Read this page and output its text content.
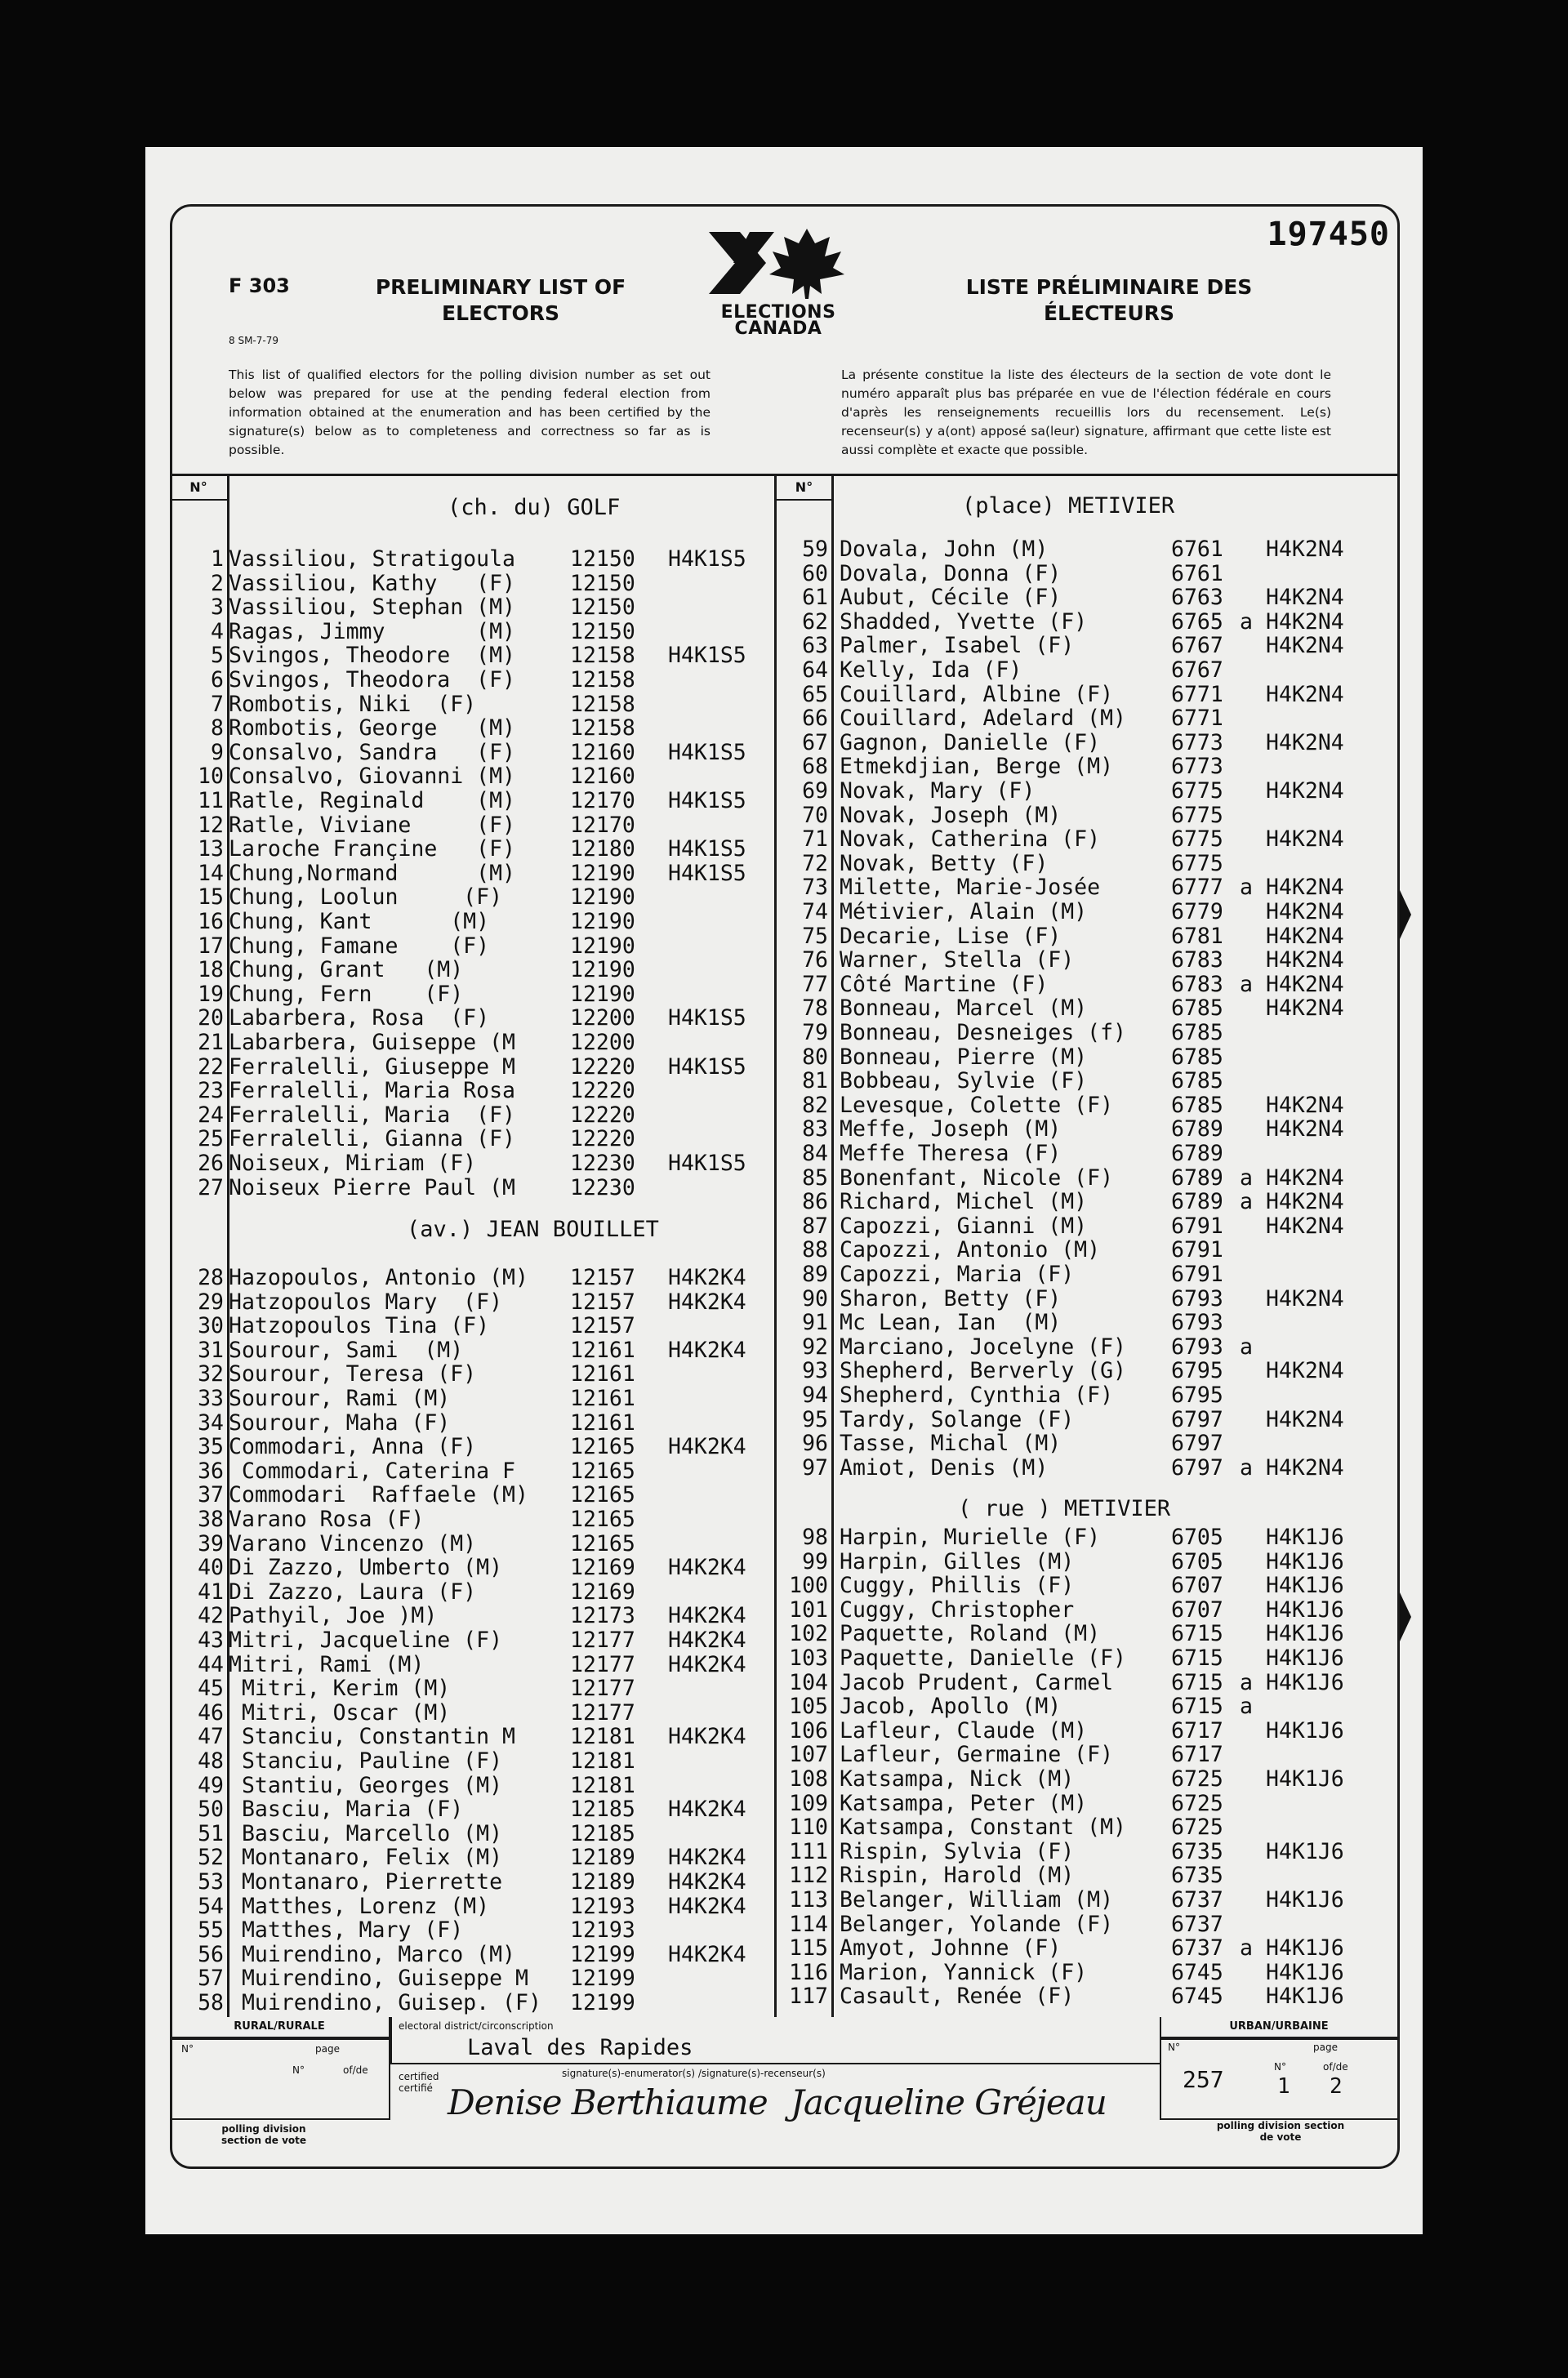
197450
F 303
8 SM-7-79
PRELIMINARY LIST OF
ELECTORS	ELECTIONS
CANADA
LISTE PRÉLIMINAIRE DES
ÉLECTEURS
This list of qualified electors for the polling division number as set out below was prepared for use at the pending federal election from information obtained at the enumeration and has been certified by the signature(s) below as to completeness and correctness so far as is possible.
La présente constitue la liste des électeurs de la section de vote dont le numéro apparaît plus bas préparée en vue de l'élection fédérale en cours d'après les renseignements recueillis lors du recensement. Le(s) recenseur(s) y a(ont) apposé sa(leur) signature, affirmant que cette liste est aussi complète et exacte que possible.
N°	N°
(ch. du) GOLF
(av.) JEAN BOUILLET
(place) METIVIER
( rue ) METIVIER
1 Vassiliou, Stratigoula	12150 H4K1S5
2 Vassiliou, Kathy   (F)	12150
3 Vassiliou, Stephan (M)	12150
4 Ragas, Jimmy       (M)	12150
5 Svingos, Theodore  (M)	12158 H4K1S5
6 Svingos, Theodora  (F)	12158
7 Rombotis, Niki  (F)	12158
8 Rombotis, George   (M)	12158
9 Consalvo, Sandra   (F)	12160 H4K1S5
10 Consalvo, Giovanni (M)	12160
11 Ratle, Reginald    (M)	12170 H4K1S5
12 Ratle, Viviane     (F)	12170
13 Laroche Françine   (F)	12180 H4K1S5
14 Chung,Normand      (M)	12190 H4K1S5
15 Chung, Loolun     (F)	12190
16 Chung, Kant      (M)	12190
17 Chung, Famane    (F)	12190
18 Chung, Grant   (M)	12190
19 Chung, Fern    (F)	12190
20 Labarbera, Rosa  (F)	12200 H4K1S5
21 Labarbera, Guiseppe (M	12200
22 Ferralelli, Giuseppe M	12220 H4K1S5
23 Ferralelli, Maria Rosa	12220
24 Ferralelli, Maria  (F)	12220
25 Ferralelli, Gianna (F)	12220
26 Noiseux, Miriam (F)	12230 H4K1S5
27 Noiseux Pierre Paul (M	12230
28 Hazopoulos, Antonio (M) 12157 H4K2K4
29 Hatzopoulos Mary  (F)	12157 H4K2K4
30 Hatzopoulos Tina (F)	12157
31 Sourour, Sami  (M)	12161 H4K2K4
32 Sourour, Teresa (F)	12161
33 Sourour, Rami (M)	12161
34 Sourour, Maha (F)	12161
35 Commodari, Anna (F)	12165 H4K2K4
36 Commodari, Caterina F	12165
37 Commodari  Raffaele (M) 12165
38 Varano Rosa (F)	12165
39 Varano Vincenzo (M)	12165
40 Di Zazzo, Umberto (M)	12169 H4K2K4
41 Di Zazzo, Laura (F)	12169
42 Pathyil, Joe )M)	12173 H4K2K4
43 Mitri, Jacqueline (F)	12177 H4K2K4
44 Mitri, Rami (M)	12177 H4K2K4
45 Mitri, Kerim (M)	12177
46 Mitri, Oscar (M)	12177
47 Stanciu, Constantin M	12181 H4K2K4
48 Stanciu, Pauline (F)	12181
49 Stantiu, Georges (M)	12181
50 Basciu, Maria (F)	12185 H4K2K4
51 Basciu, Marcello (M)	12185
52 Montanaro, Felix (M)	12189 H4K2K4
53 Montanaro, Pierrette	12189 H4K2K4
54 Matthes, Lorenz (M)	12193 H4K2K4
55 Matthes, Mary (F)	12193
56 Muirendino, Marco (M)	12199 H4K2K4
57 Muirendino, Guiseppe M 12199
58 Muirendino, Guisep. (F) 12199
59 Dovala, John (M)	6761 H4K2N4
60 Dovala, Donna (F)	6761
61 Aubut, Cécile (F)	6763 H4K2N4
62 Shadded, Yvette (F)	6765 a H4K2N4
63 Palmer, Isabel (F)	6767 H4K2N4
64 Kelly, Ida (F)	6767
65 Couillard, Albine (F)	6771 H4K2N4
66 Couillard, Adelard (M) 6771
67 Gagnon, Danielle (F)	6773 H4K2N4
68 Etmekdjian, Berge (M)	6773
69 Novak, Mary (F)	6775 H4K2N4
70 Novak, Joseph (M)	6775
71 Novak, Catherina (F)	6775 H4K2N4
72 Novak, Betty (F)	6775
73 Milette, Marie-Josée	6777 a H4K2N4
74 Métivier, Alain (M)	6779 H4K2N4
75 Decarie, Lise (F)	6781 H4K2N4
76 Warner, Stella (F)	6783 H4K2N4
77 Côté Martine (F)	6783 a H4K2N4
78 Bonneau, Marcel (M)	6785 H4K2N4
79 Bonneau, Desneiges (f) 6785
80 Bonneau, Pierre (M)	6785
81 Bobbeau, Sylvie (F)	6785
82 Levesque, Colette (F)	6785 H4K2N4
83 Meffe, Joseph (M)	6789 H4K2N4
84 Meffe Theresa (F)	6789
85 Bonenfant, Nicole (F)	6789 a H4K2N4
86 Richard, Michel (M)	6789 a H4K2N4
87 Capozzi, Gianni (M)	6791 H4K2N4
88 Capozzi, Antonio (M)	6791
89 Capozzi, Maria (F)	6791
90 Sharon, Betty (F)	6793 H4K2N4
91 Mc Lean, Ian  (M)	6793
92 Marciano, Jocelyne (F) 6793 a
93 Shepherd, Berverly (G) 6795 H4K2N4
94 Shepherd, Cynthia (F)	6795
95 Tardy, Solange (F)	6797 H4K2N4
96 Tasse, Michal (M)	6797
97 Amiot, Denis (M)	6797 a H4K2N4
98 Harpin, Murielle (F)	6705 H4K1J6
99 Harpin, Gilles (M)	6705 H4K1J6
100 Cuggy, Phillis (F)	6707 H4K1J6
101 Cuggy, Christopher	6707 H4K1J6
102 Paquette, Roland (M)	6715 H4K1J6
103 Paquette, Danielle (F) 6715 H4K1J6
104 Jacob Prudent, Carmel	6715 a H4K1J6
105 Jacob, Apollo (M)	6715 a
106 Lafleur, Claude (M)	6717 H4K1J6
107 Lafleur, Germaine (F)	6717
108 Katsampa, Nick (M)	6725 H4K1J6
109 Katsampa, Peter (M)	6725
110 Katsampa, Constant (M) 6725
111 Rispin, Sylvia (F)	6735 H4K1J6
112 Rispin, Harold (M)	6735
113 Belanger, William (M)	6737 H4K1J6
114 Belanger, Yolande (F)	6737
115 Amyot, Johnne (F)	6737 a H4K1J6
116 Marion, Yannick (F)	6745 H4K1J6
117 Casault, Renée (F)	6745 H4K1J6
RURAL/RURALE
N°	page
N°	of/de
polling division section de vote
electoral district/circonscription
Laval des Rapides
certified certifié
signature(s)-enumerator(s) /signature(s)-recenseur(s)
Denise Berthiaume Jacqueline Gréjeau
URBAN/URBAINE
N°	page
257	N°	of/de
1 2
polling division section de vote
